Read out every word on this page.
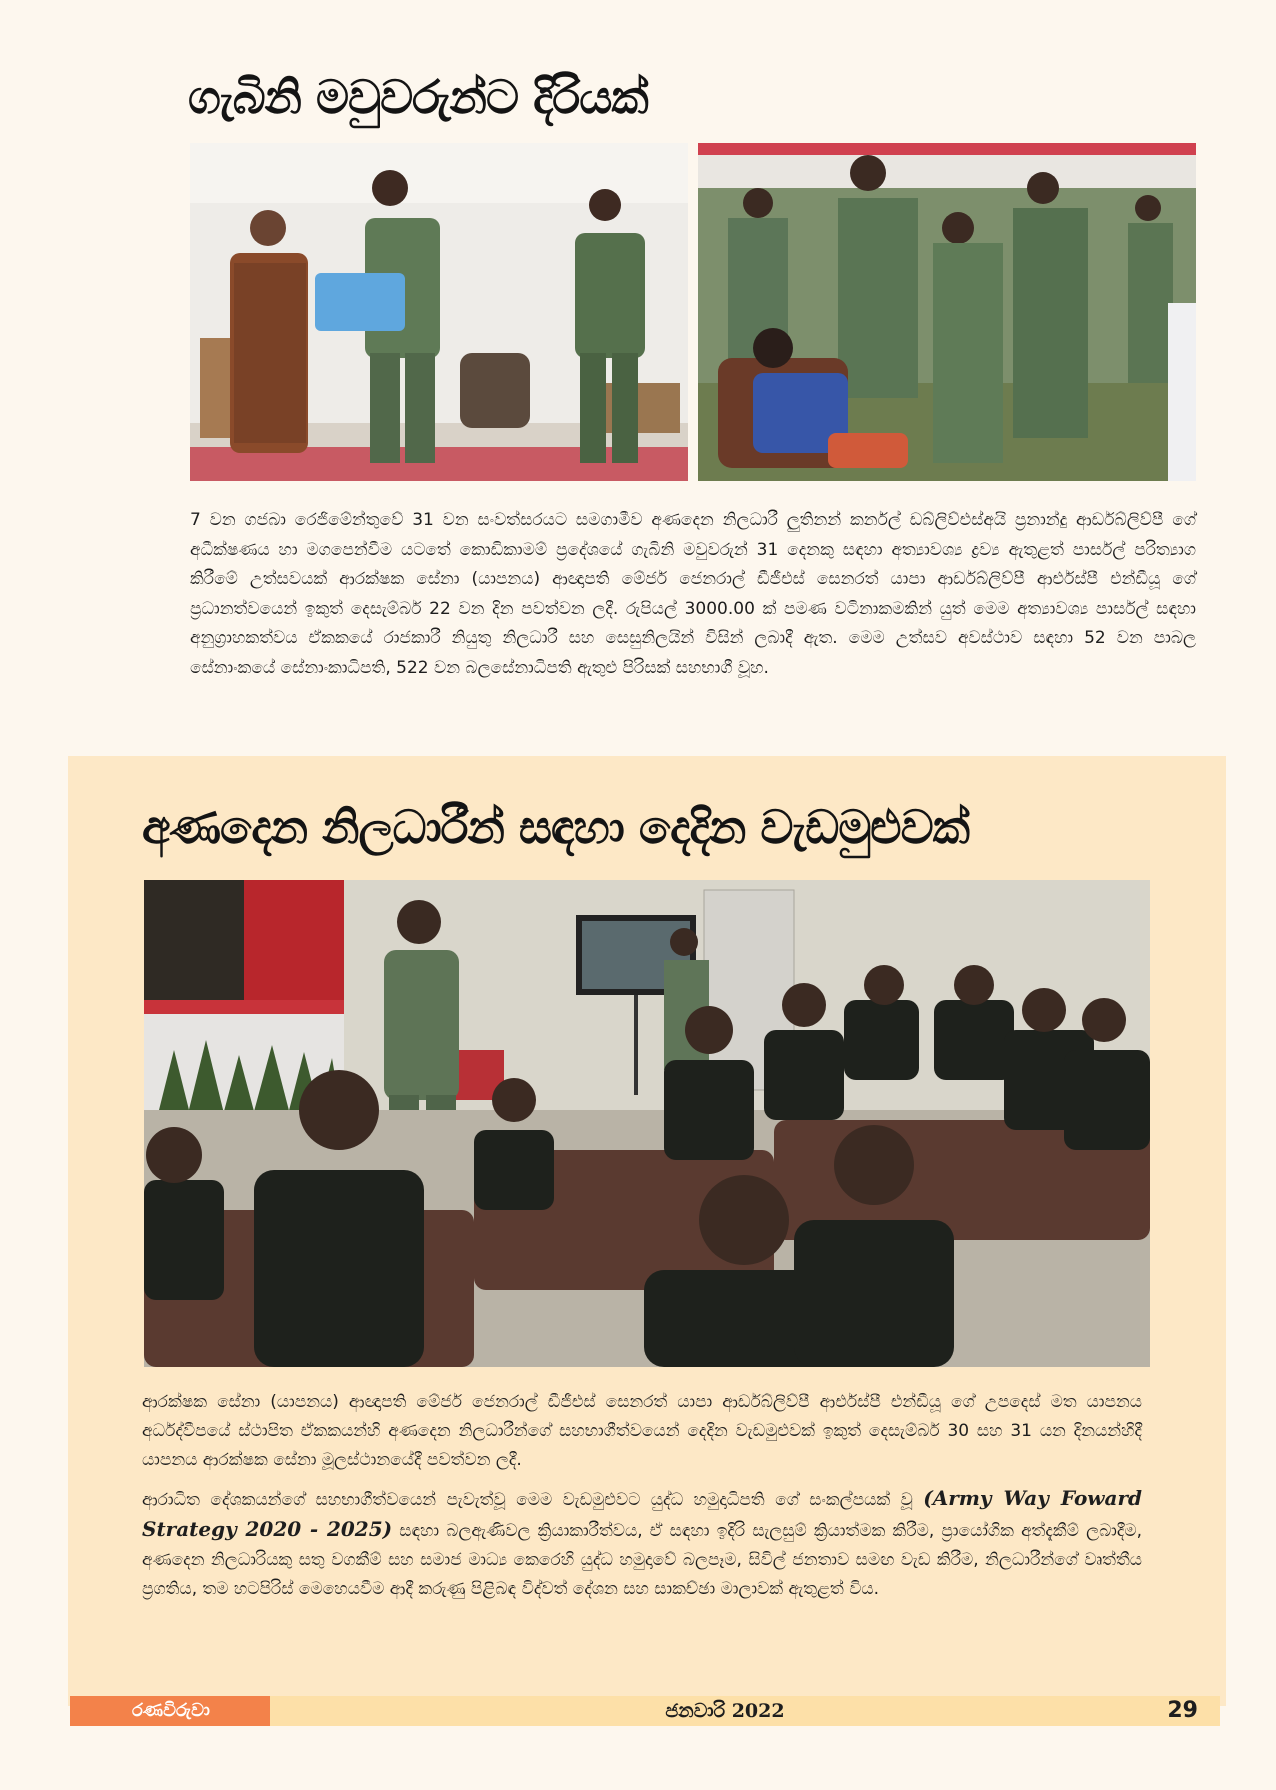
ගැබිනි මවුවරුන්ට දිරියක්

7 වන ගජබා රෙජිමේන්තුවේ 31 වන සංවත්සරයට සමගාමීව අණදෙන නිලධාරී ලුතිනන් කර්නල් ඩබ්ලිව්එස්අයි ප්‍රනාන්දු ආර්ඩබ්ලිව්පී ගේ අධීක්ෂණය හා මගපෙන්වීම යටතේ කොඩිකාමම් ප්‍රදේශයේ ගැබිනි මවුවරුන් 31 දෙනකු සඳහා අත්‍යාවශ්‍ය ද්‍රව්‍ය ඇතුළත් පාර්සල් පරිත්‍යාග කිරීමේ උත්සවයක් ආරක්ෂක සේනා (යාපනය) ආඥාපති මේජර් ජෙනරාල් ඩීජීඑස් සෙනරත් යාපා ආර්ඩබ්ලිව්පී ආර්එස්පී එන්ඩීයූ ගේ ප්‍රධානත්වයෙන් ඉකුත් දෙසැම්බර් 22 වන දින පවත්වන ලදී. රුපියල් 3000.00 ක් පමණ වටිනාකමකින් යුත් මෙම අත්‍යාවශ්‍ය පාර්සල් සඳහා අනුග්‍රාහකත්වය ඒකකයේ රාජකාරී නියුතු නිලධාරී සහ සෙසුනිලයින් විසින් ලබාදී ඇත. මෙම උත්සව අවස්ථාව සඳහා 52 වන පාබල සේනාංකයේ සේනාංකාධිපති, 522 වන බලසේනාධිපති ඇතුළු පිරිසක් සහභාගී වූහ.

අණදෙන නිලධාරීන් සඳහා දෙදින වැඩමුළුවක්

ආරක්ෂක සේනා (යාපනය) ආඥාපති මේජර් ජෙනරාල් ඩීජීඑස් සෙනරත් යාපා ආර්ඩබ්ලිව්පී ආර්එස්පී එන්ඩීයූ ගේ උපදෙස් මත යාපනය අර්ධද්වීපයේ ස්ථාපිත ඒකකයන්හි අණදෙන නිලධාරීන්ගේ සහභාගීත්වයෙන් දෙදින වැඩමුළුවක් ඉකුත් දෙසැම්බර් 30 සහ 31 යන දිනයන්හිදී යාපනය ආරක්ෂක සේනා මූලස්ථානයේදී පවත්වන ලදී.

ආරාධිත දේශකයන්ගේ සහභාගීත්වයෙන් පැවැත්වූ මෙම වැඩමුළුවට යුද්ධ හමුදාධිපති ගේ සංකල්පයක් වූ (Army Way Foward Strategy 2020 - 2025) සඳහා බලඇණිවල ක්‍රියාකාරීත්වය, ඒ සඳහා ඉදිරි සැලසුම් ක්‍රියාත්මක කිරීම, ප්‍රායෝගික අත්දැකීම් ලබාදීම, අණදෙන නිලධාරියකු සතු වගකීම් සහ සමාජ මාධ්‍ය කෙරෙහි යුද්ධ හමුදාවේ බලපෑම, සිවිල් ජනතාව සමඟ වැඩ කිරීම, නිලධාරීන්ගේ වෘත්තීය ප්‍රගතිය, තම හටපිරිස් මෙහෙයවීම ආදී කරුණු පිළිබඳ විද්වත් දේශන සහ සාකච්ඡා මාලාවක් ඇතුළත් විය.

රණවිරුවා	ජනවාරි 2022	29
